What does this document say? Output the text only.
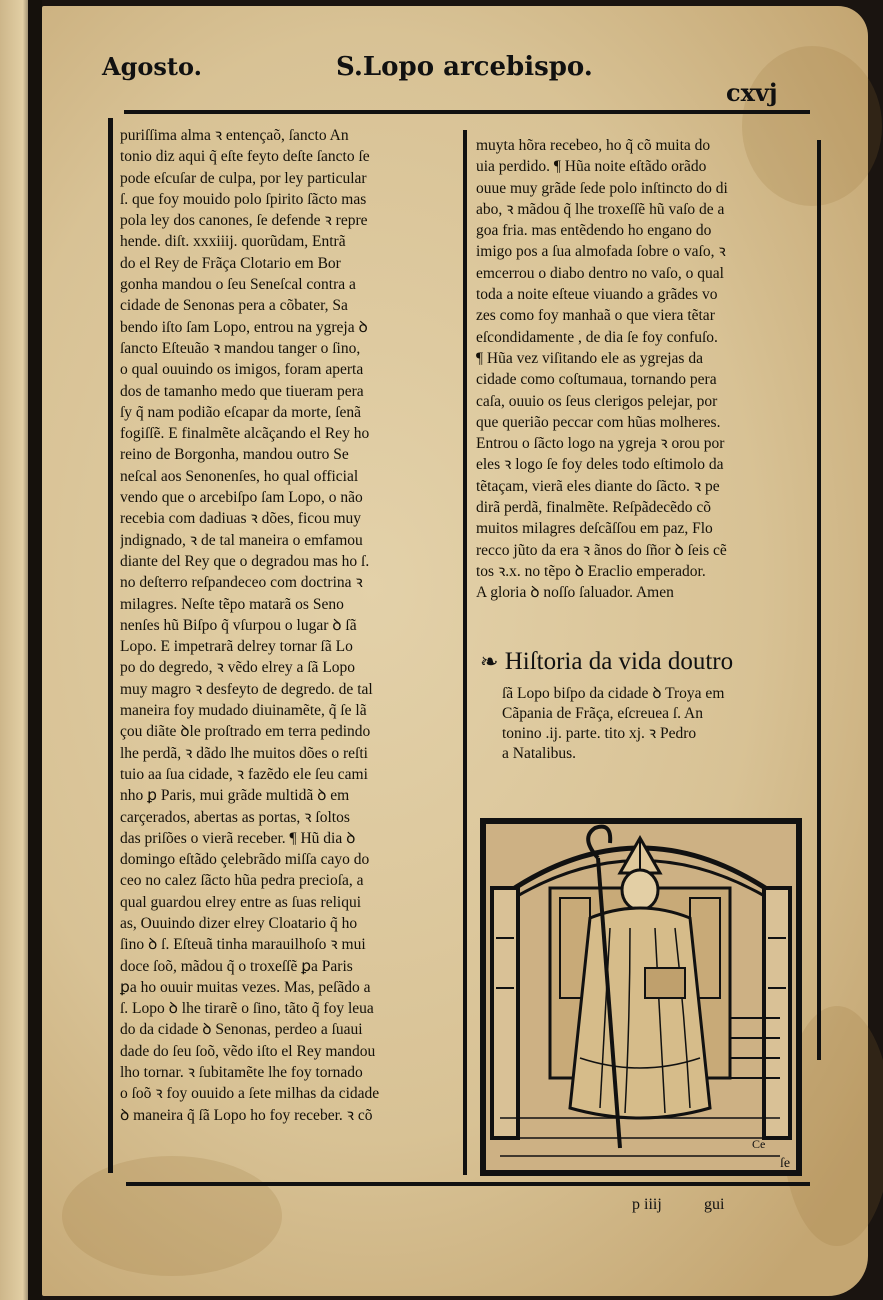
Agosto.	S.Lopo arcebispo.
cxvj
puriſſima alma ꝛ entençaõ, ſancto An
tonio diz aqui q̃ eſte feyto deſte ſancto ſe
pode eſcuſar de culpa, por ley particular
ſ. que foy mouido polo ſpirito ſãcto mas
pola ley dos canones, ſe defende ꝛ repre
hende. diſt. xxxiiij. quorũdam, Entrã
do el Rey de Frãça Clotario em Bor
gonha mandou o ſeu Seneſcal contra a
cidade de Senonas pera a cõbater, Sa
bendo iſto ſam Lopo, entrou na ygreja ꝺ
ſancto Eſteuão ꝛ mandou tanger o ſino,
o qual ouuindo os imigos, foram aperta
dos de tamanho medo que tiueram pera
ſy q̃ nam podião eſcapar da morte, ſenã
fogiſſẽ. E finalmẽte alcãçando el Rey ho
reino de Borgonha, mandou outro Se
neſcal aos Senonenſes, ho qual official
vendo que o arcebiſpo ſam Lopo, o não
recebia com dadiuas ꝛ dões, ficou muy
jndignado, ꝛ de tal maneira o emfamou
diante del Rey que o degradou mas ho ſ.
no deſterro reſpandeceo com doctrina ꝛ
milagres. Neſte tẽpo matarã os Seno
nenſes hũ Biſpo q̃ vſurpou o lugar ꝺ ſã
Lopo. E impetrarã delrey tornar ſã Lo
po do degredo, ꝛ vẽdo elrey a ſã Lopo
muy magro ꝛ desfeyto de degredo. de tal
maneira foy mudado diuinamẽte, q̃ ſe lã
çou diãte ꝺle proſtrado em terra pedindo
lhe perdã, ꝛ dãdo lhe muitos dões o reſti
tuio aa ſua cidade, ꝛ fazẽdo ele ſeu cami
nho ꝑ Paris, mui grãde multidã ꝺ em
carçerados, abertas as portas, ꝛ ſoltos
das priſões o vierã receber. ¶ Hũ dia ꝺ
domingo eſtãdo çelebrãdo miſſa cayo do
ceo no calez ſãcto hũa pedra precioſa, a
qual guardou elrey entre as ſuas reliqui
as, Ouuindo dizer elrey Cloatario q̃ ho
ſino ꝺ ſ. Eſteuã tinha marauilhoſo ꝛ mui
doce ſoõ, mãdou q̃ o troxeſſẽ ꝑa Paris
ꝑa ho ouuir muitas vezes. Mas, peſãdo a
ſ. Lopo ꝺ lhe tirarẽ o ſino, tãto q̃ foy leua
do da cidade ꝺ Senonas, perdeo a ſuaui
dade do ſeu ſoõ, vẽdo iſto el Rey mandou
lho tornar. ꝛ ſubitamẽte lhe foy tornado
o ſoõ ꝛ foy ouuido a ſete milhas da cidade
ꝺ maneira q̃ ſã Lopo ho foy receber. ꝛ cõ
muyta hõra recebeo, ho q̃ cõ muita do
uia perdido. ¶ Hũa noite eſtãdo orãdo
ouue muy grãde ſede polo inſtincto do di
abo, ꝛ mãdou q̃ lhe troxeſſẽ hũ vaſo de a
goa fria. mas entẽdendo ho engano do
imigo pos a ſua almofada ſobre o vaſo, ꝛ
emcerrou o diabo dentro no vaſo, o qual
toda a noite eſteue viuando a grãdes vo
zes como foy manhaã o que viera tẽtar
eſcondidamente , de dia ſe foy confuſo.
¶ Hũa vez viſitando ele as ygrejas da
cidade como coſtumaua, tornando pera
caſa, ouuio os ſeus clerigos pelejar, por
que querião peccar com hũas molheres.
Entrou o ſãcto logo na ygreja ꝛ orou por
eles ꝛ logo ſe foy deles todo eſtimolo da
tẽtaçam, vierã eles diante do ſãcto. ꝛ pe
dirã perdã, finalmẽte. Reſpãdecẽdo cõ
muitos milagres deſcãſſou em paz, Flo
recco jũto da era ꝛ ãnos do ſñor ꝺ ſeis cẽ
tos ꝛ.x. no tẽpo ꝺ Eraclio emperador.
A gloria ꝺ noſſo ſaluador. Amen
❧ Hiſtoria da vida doutro
ſã Lopo biſpo da cidade ꝺ Troya em
Cãpania de Frãça, eſcreuea ſ. An
tonino .ij. parte. tito xj. ꝛ Pedro
a Natalibus.
Ce
ſe
p iiij	gui
